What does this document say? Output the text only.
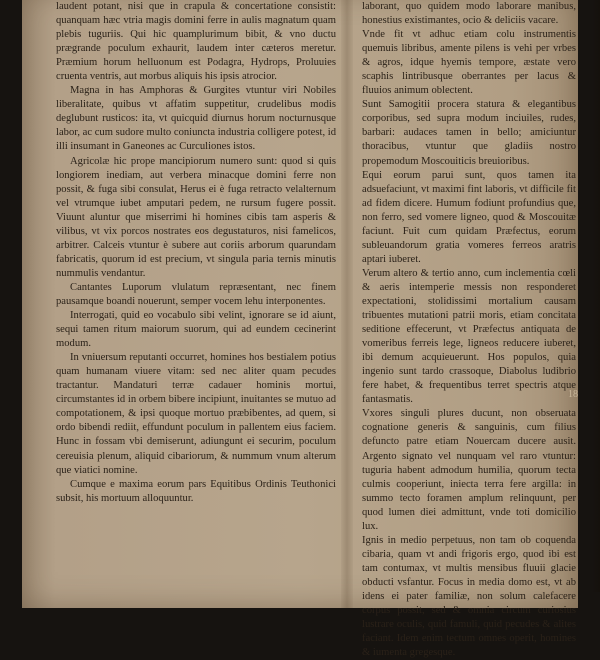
laudent potant, nisi que in crapula & concertatione consistit: quanquam hæc vtria magis domini ferre in aulis magnatum quam plebis tuguriis. Qui hic quamplurimum bibit, & vno ductu prægrande poculum exhaurit, laudem inter cæteros meretur. Præmium horum helluonum est Podagra, Hydrops, Proluuies cruenta ventris, aut morbus aliquis his ipsis atrocior.

Magna in has Amphoras & Gurgites vtuntur viri Nobiles liberalitate, quibus vt affatim suppetitur, crudelibus modis deglubunt rusticos: ita, vt quicquid diurnus horum nocturnusque labor, ac cum sudore multo coniuncta industria colligere potest, id illi insumant in Ganeones ac Curculiones istos.

Agricolæ hic prope mancipiorum numero sunt: quod si quis longiorem inediam, aut verbera minacque domini ferre non possit, & fuga sibi consulat, Herus ei è fuga retracto velalternum vel vtrumque iubet amputari pedem, ne rursum fugere possit. Viuunt aluntur que miserrimi hi homines cibis tam asperis & vilibus, vt vix porcos nostrates eos degustaturos, nisi famelicos, arbitrer. Calceis vtuntur è subere aut coriis arborum quarundam fabricatis, quorum id est precium, vt singula paria ternis minutis nummulis vendantur.

Cantantes Luporum vlulatum repræsentant, nec finem pausamque boandi nouerunt, semper vocem lehu interponentes.

Interrogati, quid eo vocabulo sibi velint, ignorare se id aiunt, sequi tamen ritum maiorum suorum, qui ad eundem cecinerint modum.

In vniuersum reputanti occurret, homines hos bestialem potius quam humanam viuere vitam: sed nec aliter quam pecudes tractantur. Mandaturi terræ cadauer hominis mortui, circumstantes id in orbem bibere incipiunt, inuitantes se mutuo ad compotationem, & ipsi quoque mortuo præbibentes, ad quem, si ordo bibendi rediit, effundunt poculum in pallentem eius faciem. Hunc in fossam vbi demiserunt, adiungunt ei securim, poculum cereuisia plenum, aliquid cibariorum, & nummum vnum alterum que viatici nomine.

Cumque e maxima eorum pars Equitibus Ordinis Teuthonici subsit, his mortuum alloquuntur.

laborant, quo quidem modo laborare manibus, honestius existimantes, ocio & deliciis vacare.

Vnde fit vt adhuc etiam colu instrumentis quemuis libribus, amente pilens is vehi per vrbes & agros, idque hyemis tempore, æstate vero scaphis lintribusque oberrantes per lacus & fluuios animum oblectent.

Sunt Samogitii procera statura & elegantibus corporibus, sed supra modum inciuiles, rudes, barbari: audaces tamen in bello; amiciuntur thoracibus, vtuntur que gladiis nostro propemodum Moscouiticis breuioribus.

Equi eorum parui sunt, quos tamen ita adsuefaciunt, vt maximi fint laboris, vt difficile fit ad fidem dicere. Humum fodiunt profundius que, non ferro, sed vomere ligneo, quod & Moscouitæ faciunt. Fuit cum quidam Præfectus, eorum subleuandorum gratia vomeres ferreos aratris aptari iuberet.

Verum altero & tertio anno, cum inclementia cœli & aeris intemperie messis non responderet expectationi, stolidissimi mortalium causam tribuentes mutationi patrii moris, etiam concitata seditione effecerunt, vt Præfectus antiquata de vomeribus ferreis lege, ligneos reducere iuberet, ibi demum acquieuerunt. Hos populos, quia ingenio sunt tardo crassoque, Diabolus ludibrio fere habet, & frequentibus terret spectris atque fantasmatis.

Vxores singuli plures ducunt, non obseruata cognatione generis & sanguinis, cum filius defuncto patre etiam Nouercam ducere ausit. Argento signato vel nunquam vel raro vtuntur: tuguria habent admodum humilia, quorum tecta culmis cooperiunt, iniecta terra fere argilla: in summo tecto foramen amplum relinquunt, per quod lumen diei admittunt, vnde toti domicilio lux.

Ignis in medio perpetuus, non tam ob coquenda cibaria, quam vt andi frigoris ergo, quod ibi est tam contumax, vt multis mensibus fluuii glacie obducti vsfantur. Focus in media domo est, vt ab idens ei pater familiæ, non solum calefacere corpus possit, sed & omnia circum curiosius lustrare oculis, quid famuli, quid pecudes & alites faciant. Idem enim tectum omnes operit, homines & iumenta gregesque.

18
